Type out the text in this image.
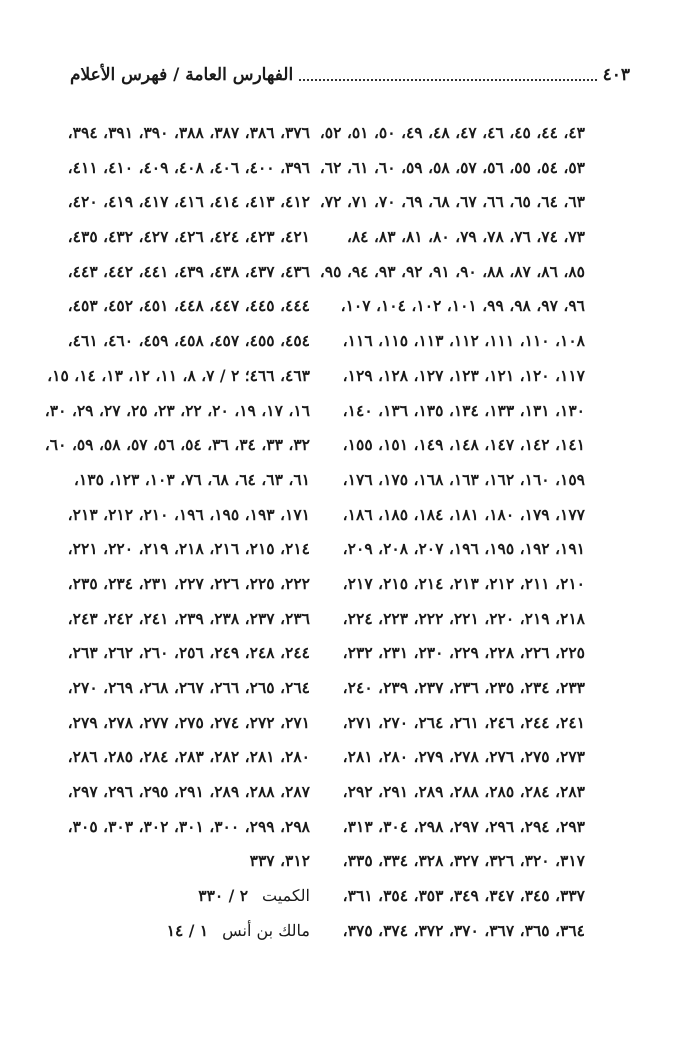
الفهارس العامة / فهرس الأعلام	٤٠٣
٤٣، ٤٤، ٤٥، ٤٦، ٤٧، ٤٨، ٤٩، ٥٠، ٥١، ٥٢،
٥٣، ٥٤، ٥٥، ٥٦، ٥٧، ٥٨، ٥٩، ٦٠، ٦١، ٦٢،
٦٣، ٦٤، ٦٥، ٦٦، ٦٧، ٦٨، ٦٩، ٧٠، ٧١، ٧٢،
٧٣، ٧٤، ٧٦، ٧٨، ٧٩، ٨٠، ٨١، ٨٣، ٨٤،
٨٥، ٨٦، ٨٧، ٨٨، ٩٠، ٩١، ٩٢، ٩٣، ٩٤، ٩٥،
٩٦، ٩٧، ٩٨، ٩٩، ١٠١، ١٠٢، ١٠٤، ١٠٧،
١٠٨، ١١٠، ١١١، ١١٢، ١١٣، ١١٥، ١١٦،
١١٧، ١٢٠، ١٢١، ١٢٣، ١٢٧، ١٢٨، ١٢٩،
١٣٠، ١٣١، ١٣٣، ١٣٤، ١٣٥، ١٣٦، ١٤٠،
١٤١، ١٤٢، ١٤٧، ١٤٨، ١٤٩، ١٥١، ١٥٥،
١٥٩، ١٦٠، ١٦٢، ١٦٣، ١٦٨، ١٧٥، ١٧٦،
١٧٧، ١٧٩، ١٨٠، ١٨١، ١٨٤، ١٨٥، ١٨٦،
١٩١، ١٩٢، ١٩٥، ١٩٦، ٢٠٧، ٢٠٨، ٢٠٩،
٢١٠، ٢١١، ٢١٢، ٢١٣، ٢١٤، ٢١٥، ٢١٧،
٢١٨، ٢١٩، ٢٢٠، ٢٢١، ٢٢٢، ٢٢٣، ٢٢٤،
٢٢٥، ٢٢٦، ٢٢٨، ٢٢٩، ٢٣٠، ٢٣١، ٢٣٢،
٢٣٣، ٢٣٤، ٢٣٥، ٢٣٦، ٢٣٧، ٢٣٩، ٢٤٠،
٢٤١، ٢٤٤، ٢٤٦، ٢٦١، ٢٦٤، ٢٧٠، ٢٧١،
٢٧٣، ٢٧٥، ٢٧٦، ٢٧٨، ٢٧٩، ٢٨٠، ٢٨١،
٢٨٣، ٢٨٤، ٢٨٥، ٢٨٨، ٢٨٩، ٢٩١، ٢٩٢،
٢٩٣، ٢٩٤، ٢٩٦، ٢٩٧، ٢٩٨، ٣٠٤، ٣١٣،
٣١٧، ٣٢٠، ٣٢٦، ٣٢٧، ٣٢٨، ٣٣٤، ٣٣٥،
٣٣٧، ٣٤٥، ٣٤٧، ٣٤٩، ٣٥٣، ٣٥٤، ٣٦١،
٣٦٤، ٣٦٥، ٣٦٧، ٣٧٠، ٣٧٢، ٣٧٤، ٣٧٥،
٣٧٦، ٣٨٦، ٣٨٧، ٣٨٨، ٣٩٠، ٣٩١، ٣٩٤،
٣٩٦، ٤٠٠، ٤٠٦، ٤٠٨، ٤٠٩، ٤١٠، ٤١١،
٤١٢، ٤١٣، ٤١٤، ٤١٦، ٤١٧، ٤١٩، ٤٢٠،
٤٢١، ٤٢٣، ٤٢٤، ٤٢٦، ٤٢٧، ٤٣٢، ٤٣٥،
٤٣٦، ٤٣٧، ٤٣٨، ٤٣٩، ٤٤١، ٤٤٢، ٤٤٣،
٤٤٤، ٤٤٥، ٤٤٧، ٤٤٨، ٤٥١، ٤٥٢، ٤٥٣،
٤٥٤، ٤٥٥، ٤٥٧، ٤٥٨، ٤٥٩، ٤٦٠، ٤٦١،
٤٦٣، ٤٦٦؛ ٢ / ٧، ٨، ١١، ١٢، ١٣، ١٤، ١٥،
١٦، ١٧، ١٩، ٢٠، ٢٢، ٢٣، ٢٥، ٢٧، ٢٩، ٣٠،
٣٢، ٣٣، ٣٤، ٣٦، ٥٤، ٥٦، ٥٧، ٥٨، ٥٩، ٦٠،
٦١، ٦٣، ٦٤، ٦٨، ٧٦، ١٠٣، ١٢٣، ١٣٥،
١٧١، ١٩٣، ١٩٥، ١٩٦، ٢١٠، ٢١٢، ٢١٣،
٢١٤، ٢١٥، ٢١٦، ٢١٨، ٢١٩، ٢٢٠، ٢٢١،
٢٢٢، ٢٢٥، ٢٢٦، ٢٢٧، ٢٣١، ٢٣٤، ٢٣٥،
٢٣٦، ٢٣٧، ٢٣٨، ٢٣٩، ٢٤١، ٢٤٢، ٢٤٣،
٢٤٤، ٢٤٨، ٢٤٩، ٢٥٦، ٢٦٠، ٢٦٢، ٢٦٣،
٢٦٤، ٢٦٥، ٢٦٦، ٢٦٧، ٢٦٨، ٢٦٩، ٢٧٠،
٢٧١، ٢٧٢، ٢٧٤، ٢٧٥، ٢٧٧، ٢٧٨، ٢٧٩،
٢٨٠، ٢٨١، ٢٨٢، ٢٨٣، ٢٨٤، ٢٨٥، ٢٨٦،
٢٨٧، ٢٨٨، ٢٨٩، ٢٩١، ٢٩٥، ٢٩٦، ٢٩٧،
٢٩٨، ٢٩٩، ٣٠٠، ٣٠١، ٣٠٢، ٣٠٣، ٣٠٥،
٣١٢، ٣٣٧
الكميت
٢ / ٣٣٠
مالك بن أنس
١ / ١٤
